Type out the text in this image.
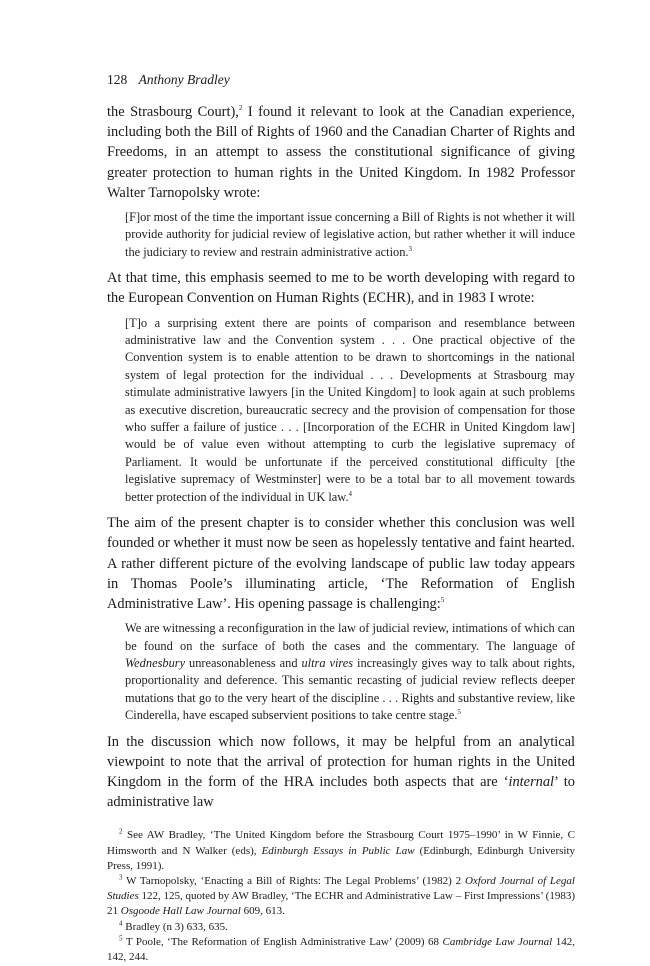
128 Anthony Bradley

the Strasbourg Court),$^2$ I found it relevant to look at the Canadian experience, including both the Bill of Rights of 1960 and the Canadian Charter of Rights and Freedoms, in an attempt to assess the constitutional significance of giving greater protection to human rights in the United Kingdom. In 1982 Professor Walter Tarnopolsky wrote:

[F]or most of the time the important issue concerning a Bill of Rights is not whether it will provide authority for judicial review of legislative action, but rather whether it will induce the judiciary to review and restrain administrative action.$^3$

At that time, this emphasis seemed to me to be worth developing with regard to the European Convention on Human Rights (ECHR), and in 1983 I wrote:

[T]o a surprising extent there are points of comparison and resemblance between administrative law and the Convention system . . . One practical objective of the Convention system is to enable attention to be drawn to shortcomings in the national system of legal protection for the individual . . . Developments at Strasbourg may stimulate administrative lawyers [in the United Kingdom] to look again at such problems as executive discretion, bureaucratic secrecy and the provision of compensation for those who suffer a failure of justice . . . [Incorporation of the ECHR in United Kingdom law] would be of value even without attempting to curb the legislative supremacy of Parliament. It would be unfortunate if the perceived constitutional difficulty [the legislative supremacy of Westminster] were to be a total bar to all movement towards better protection of the individual in UK law.$^4$

The aim of the present chapter is to consider whether this conclusion was well founded or whether it must now be seen as hopelessly tentative and faint hearted. A rather different picture of the evolving landscape of public law today appears in Thomas Poole’s illuminating article, ‘The Reformation of English Administrative Law’. His opening passage is challenging:$^5$

We are witnessing a reconfiguration in the law of judicial review, intimations of which can be found on the surface of both the cases and the commentary. The language of Wednesbury unreasonableness and ultra vires increasingly gives way to talk about rights, proportionality and deference. This semantic recasting of judicial review reflects deeper mutations that go to the very heart of the discipline . . . Rights and substantive review, like Cinderella, have escaped subservient positions to take centre stage.$^5$

In the discussion which now follows, it may be helpful from an analytical viewpoint to note that the arrival of protection for human rights in the United Kingdom in the form of the HRA includes both aspects that are ‘internal’ to administrative law

$^2$ See AW Bradley, ‘The United Kingdom before the Strasbourg Court 1975–1990’ in W Finnie, C Himsworth and N Walker (eds), Edinburgh Essays in Public Law (Edinburgh, Edinburgh University Press, 1991).

$^3$ W Tarnopolsky, ‘Enacting a Bill of Rights: The Legal Problems’ (1982) 2 Oxford Journal of Legal Studies 122, 125, quoted by AW Bradley, ‘The ECHR and Administrative Law – First Impressions’ (1983) 21 Osgoode Hall Law Journal 609, 613.

$^4$ Bradley (n 3) 633, 635.

$^5$ T Poole, ‘The Reformation of English Administrative Law’ (2009) 68 Cambridge Law Journal 142, 142, 244.
